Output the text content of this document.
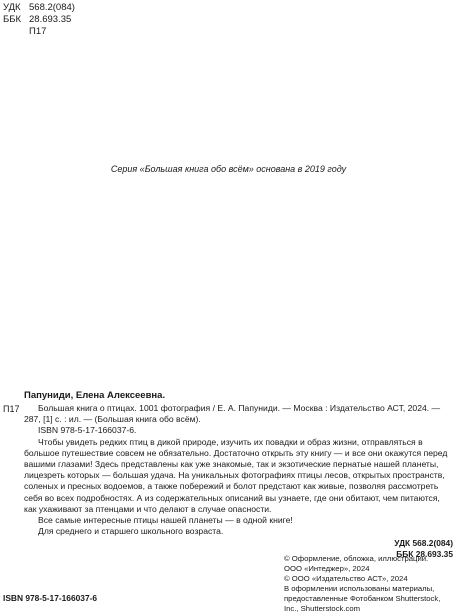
УДК 568.2(084)
ББК 28.693.35
П17
Серия «Большая книга обо всём» основана в 2019 году
Папуниди, Елена Алексеевна.
П17	Большая книга о птицах. 1001 фотография / Е. А. Папуниди. — Москва : Издательство АСТ, 2024. — 287, [1] с. : ил. — (Большая книга обо всём).

ISBN 978-5-17-166037-6.

Чтобы увидеть редких птиц в дикой природе, изучить их повадки и образ жизни, отправляться в большое путешествие совсем не обязательно. Достаточно открыть эту книгу — и все они окажутся перед вашими глазами! Здесь представлены как уже знакомые, так и экзотические пернатые нашей планеты, лицезреть которых — большая удача. На уникальных фотографиях птицы лесов, открытых пространств, соленых и пресных водоемов, а также побережий и болот предстают как живые, позволяя рассмотреть себя во всех подробностях. А из содержательных описаний вы узнаете, где они обитают, чем питаются, как ухаживают за птенцами и что делают в случае опасности.

Все самые интересные птицы нашей планеты — в одной книге!

Для среднего и старшего школьного возраста.

УДК 568.2(084)
ББК 28.693.35

© Оформление, обложка, иллюстрации.

ООО «Интеджер», 2024

© ООО «Издательство АСТ», 2024

В оформлении использованы материалы, предоставленные Фотобанком Shutterstock, Inc., Shutterstock.com

ISBN 978-5-17-166037-6
